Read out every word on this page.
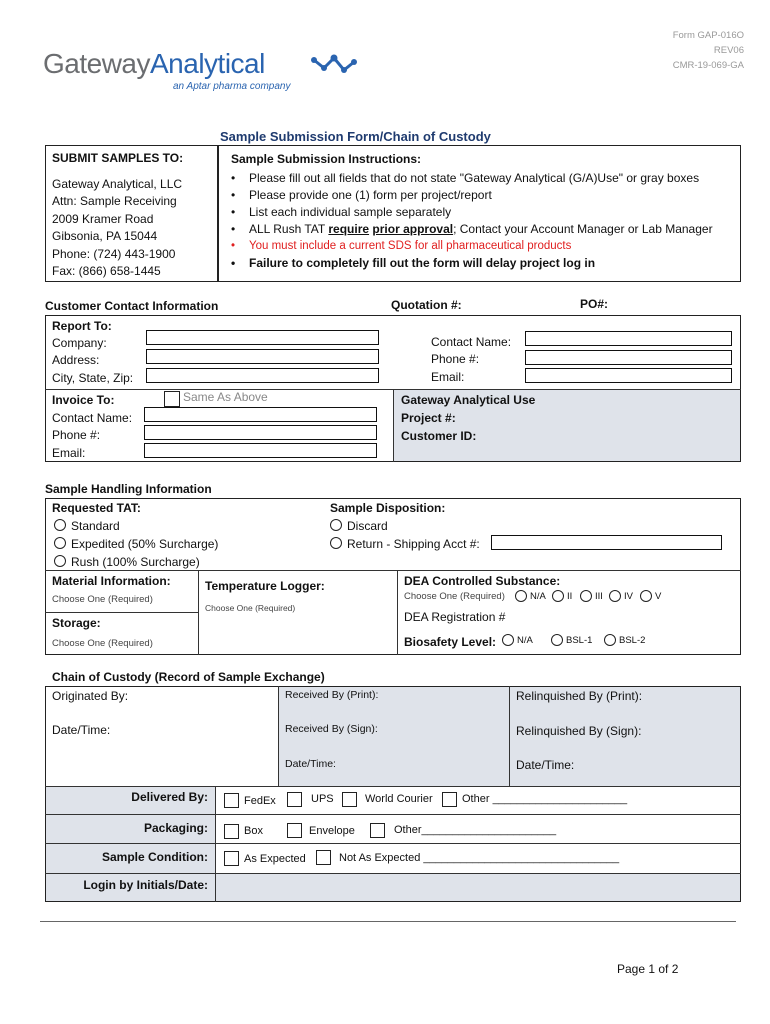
GatewayAnalytical
an Aptar pharma company
Form GAP-016O
REV06
CMR-19-069-GA
Sample Submission Form/Chain of Custody
SUBMIT SAMPLES TO:
Gateway Analytical, LLC
Attn: Sample Receiving
2009 Kramer Road
Gibsonia, PA 15044
Phone: (724) 443-1900
Fax: (866) 658-1445
Sample Submission Instructions:
• Please fill out all fields that do not state "Gateway Analytical (G/A)Use" or gray boxes
• Please provide one (1) form per project/report
• List each individual sample separately
• ALL Rush TAT require prior approval; Contact your Account Manager or Lab Manager
• You must include a current SDS for all pharmaceutical products
• Failure to completely fill out the form will delay project log in
Customer Contact Information	Quotation #:	PO#:
Report To:
Company:
Address:
City, State, Zip:
Contact Name:
Phone #:
Email:
Invoice To:	Same As Above
Contact Name:
Phone #:
Email:
Gateway Analytical Use
Project #:
Customer ID:
Sample Handling Information
Requested TAT:
Standard
Expedited (50% Surcharge)
Rush (100% Surcharge)
Sample Disposition:
Discard
Return - Shipping Acct #:
Material Information:
Choose One (Required)
Storage:
Choose One (Required)
Temperature Logger:
Choose One (Required)
DEA Controlled Substance:
Choose One (Required)	N/A II III IV V
DEA Registration #
Biosafety Level: N/A	BSL-1	BSL-2
Chain of Custody (Record of Sample Exchange)
Originated By:
Date/Time:
Received By (Print):
Received By (Sign):
Date/Time:
Relinquished By (Print):
Relinquished By (Sign):
Date/Time:
Delivered By:	FedEx	UPS	World Courier	Other ______________________
Packaging:	Box	Envelope	Other______________________
Sample Condition:	As Expected	Not As Expected ________________________________
Login by Initials/Date:
Page 1 of 2
